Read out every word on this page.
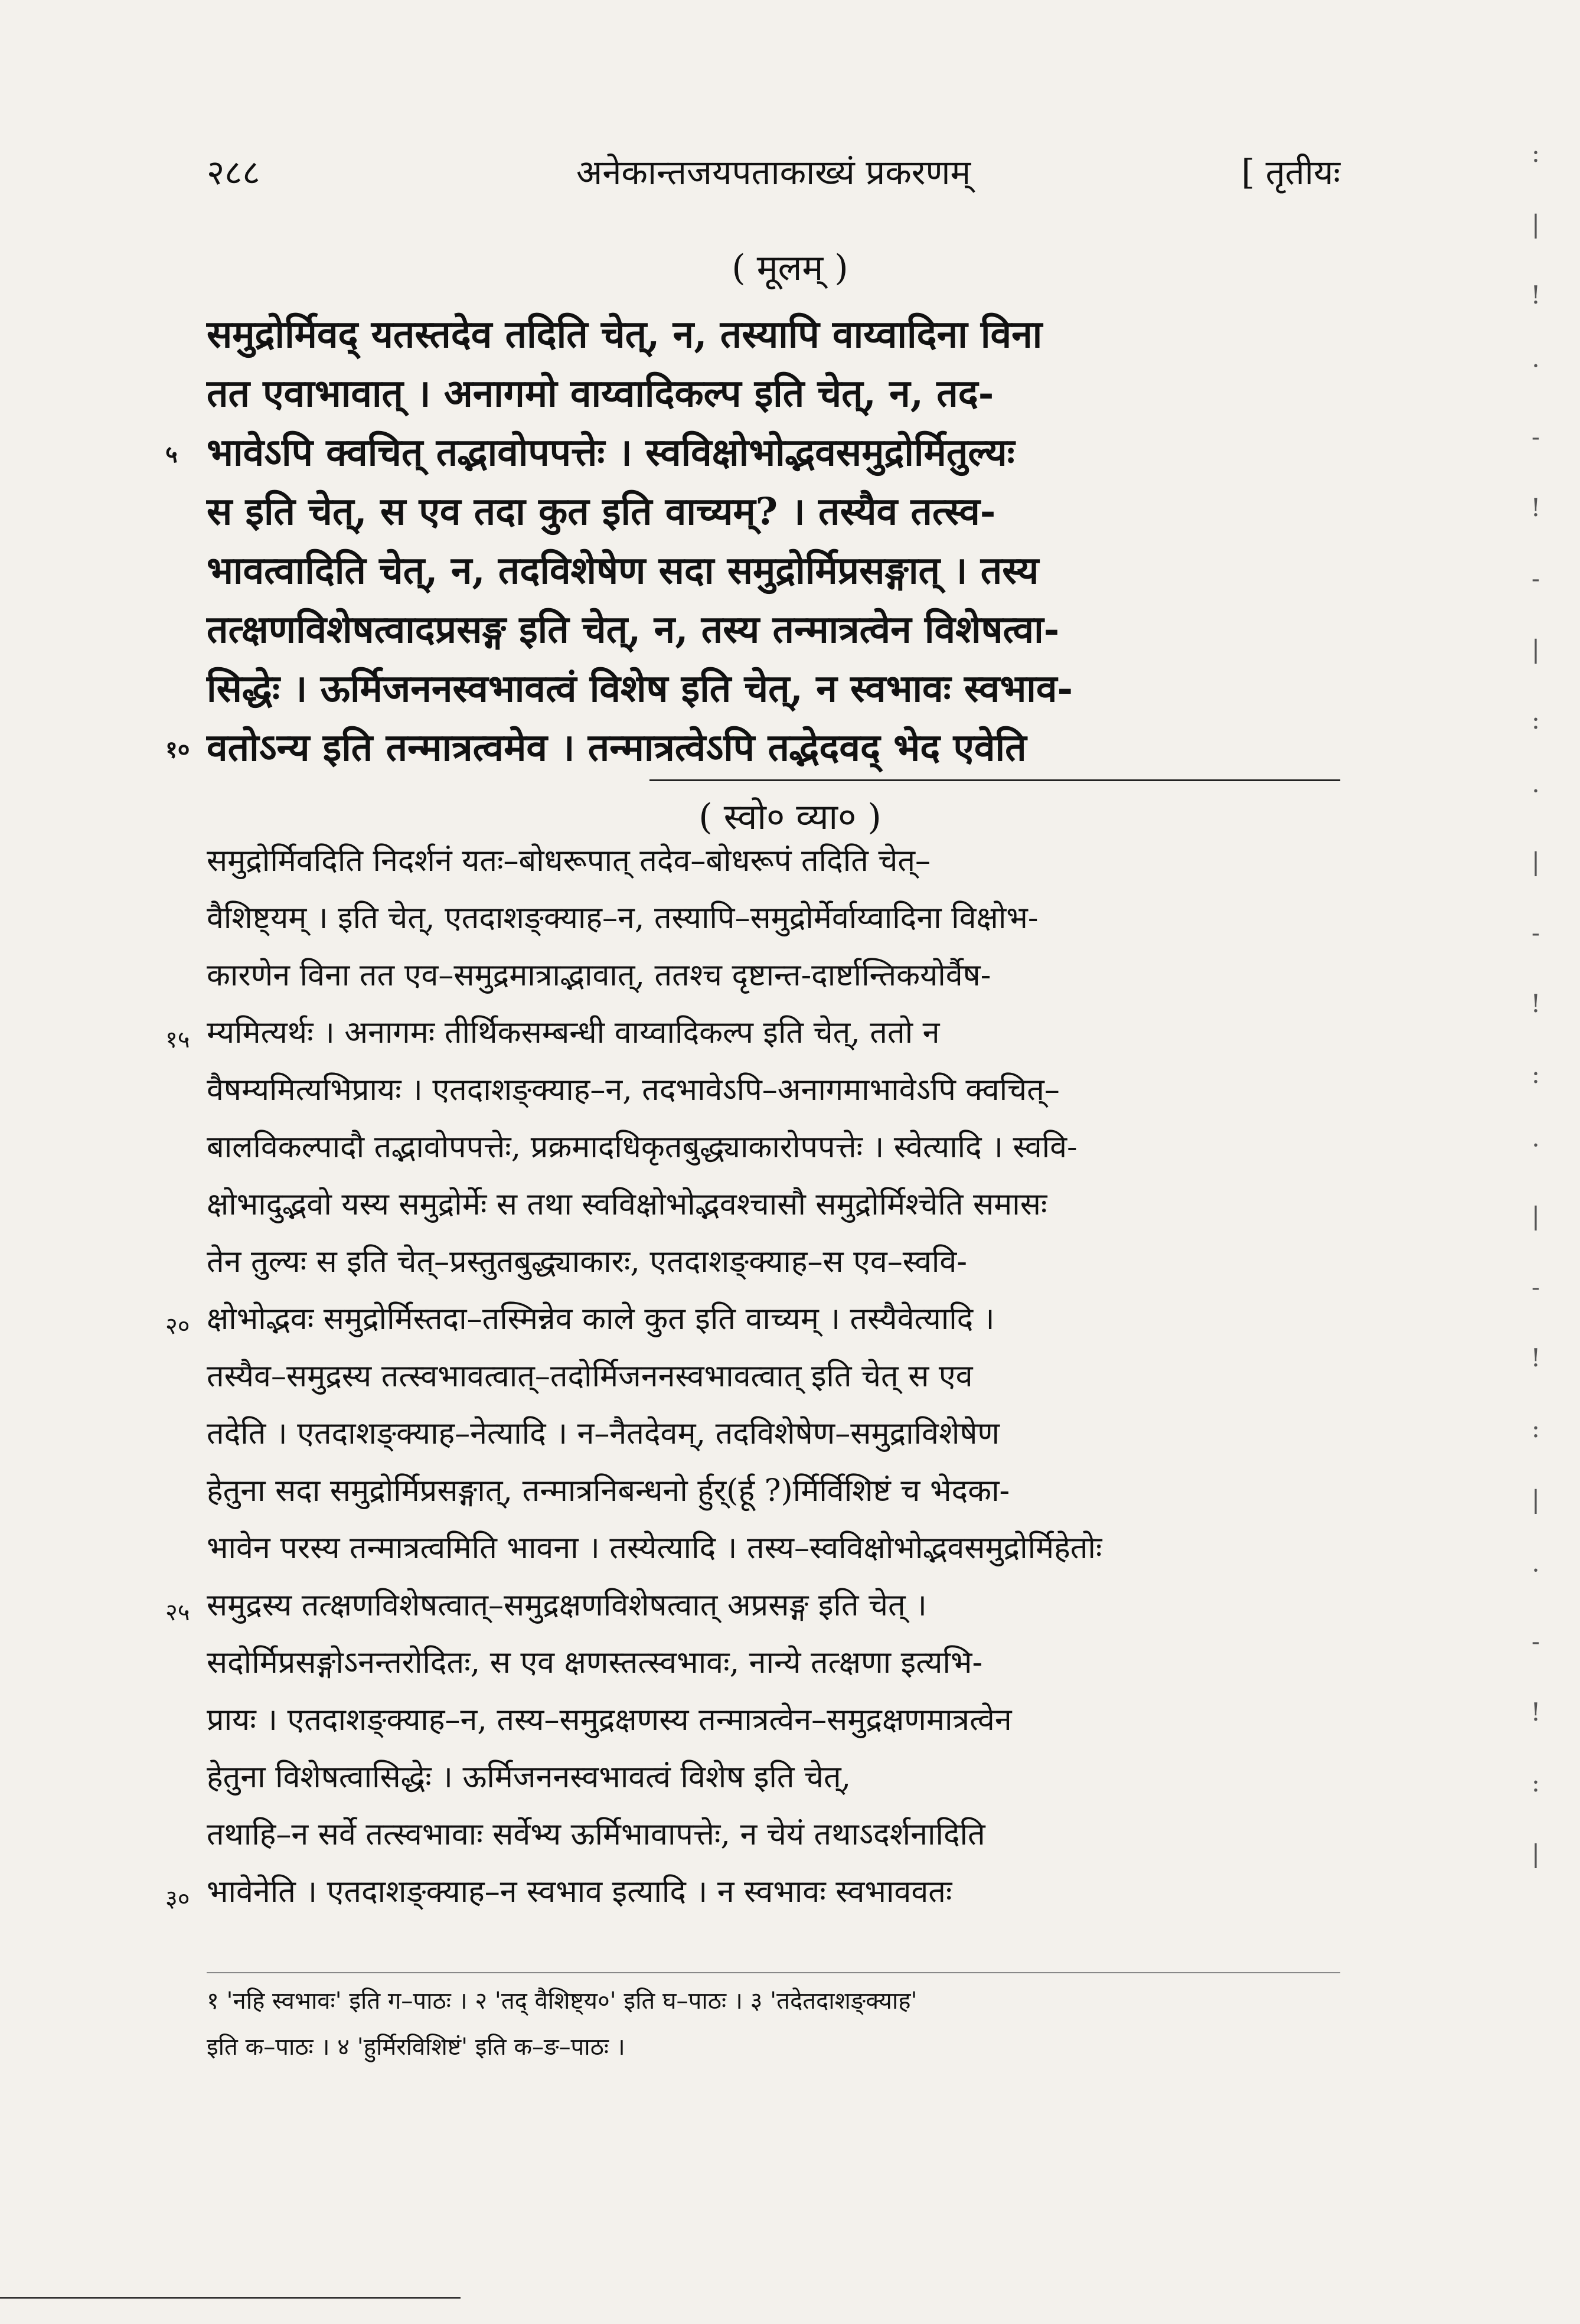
२८८	अनेकान्तजयपताकाख्यं प्रकरणम्	[ तृतीयः
( मूलम् )
समुद्रोर्मिवद् यतस्तदेव तदिति चेत्, न, तस्यापि वाय्वादिना विना
तत एवाभावात् । अनागमो वाय्वादिकल्प इति चेत्, न, तद-
५ भावेऽपि क्वचित् तद्भावोपपत्तेः । स्वविक्षोभोद्भवसमुद्रोर्मितुल्यः
स इति चेत्, स एव तदा कुत इति वाच्यम्? । तस्यैव तत्स्व-
भावत्वादिति चेत्, न, तदविशेषेण सदा समुद्रोर्मिप्रसङ्गात् । तस्य
तत्क्षणविशेषत्वादप्रसङ्ग इति चेत्, न, तस्य तन्मात्रत्वेन विशेषत्वा-
सिद्धेः । ऊर्मिजननस्वभावत्वं विशेष इति चेत्, न स्वभावः स्वभाव-
१० वतोऽन्य इति तन्मात्रत्वमेव । तन्मात्रत्वेऽपि तद्भेदवद् भेद एवेति
( स्वो० व्या० )
समुद्रोर्मिवदिति निदर्शनं यतः–बोधरूपात् तदेव–बोधरूपं तदिति चेत्–
वैशिष्ट्यम् । इति चेत्, एतदाशङ्क्याह–न, तस्यापि–समुद्रोर्मेर्वाय्वादिना विक्षोभ-
कारणेन विना तत एव–समुद्रमात्राद्भावात्, ततश्च दृष्टान्त-दार्ष्टान्तिकयोर्वैष-
१५ म्यमित्यर्थः । अनागमः तीर्थिकसम्बन्धी वाय्वादिकल्प इति चेत्, ततो न
वैषम्यमित्यभिप्रायः । एतदाशङ्क्याह–न, तदभावेऽपि–अनागमाभावेऽपि क्वचित्–
बालविकल्पादौ तद्भावोपपत्तेः, प्रक्रमादधिकृतबुद्ध्याकारोपपत्तेः । स्वेत्यादि । स्ववि-
क्षोभादुद्भवो यस्य समुद्रोर्मेः स तथा स्वविक्षोभोद्भवश्चासौ समुद्रोर्मिश्चेति समासः
तेन तुल्यः स इति चेत्–प्रस्तुतबुद्ध्याकारः, एतदाशङ्क्याह–स एव–स्ववि-
२० क्षोभोद्भवः समुद्रोर्मिस्तदा–तस्मिन्नेव काले कुत इति वाच्यम् । तस्यैवेत्यादि ।
तस्यैव–समुद्रस्य तत्स्वभावत्वात्–तदोर्मिजननस्वभावत्वात् इति चेत् स एव
तदेति । एतदाशङ्क्याह–नेत्यादि । न–नैतदेवम्, तदविशेषेण–समुद्राविशेषेण
हेतुना सदा समुद्रोर्मिप्रसङ्गात्, तन्मात्रनिबन्धनो र्हुर्(र्हू ?)र्मिर्विशिष्टं च भेदका-
भावेन परस्य तन्मात्रत्वमिति भावना । तस्येत्यादि । तस्य–स्वविक्षोभोद्भवसमुद्रोर्मिहेतोः
२५ समुद्रस्य तत्क्षणविशेषत्वात्–समुद्रक्षणविशेषत्वात् अप्रसङ्ग इति चेत् ।
सदोर्मिप्रसङ्गोऽनन्तरोदितः, स एव क्षणस्तत्स्वभावः, नान्ये तत्क्षणा इत्यभि-
प्रायः । एतदाशङ्क्याह–न, तस्य–समुद्रक्षणस्य तन्मात्रत्वेन–समुद्रक्षणमात्रत्वेन
हेतुना विशेषत्वासिद्धेः । ऊर्मिजननस्वभावत्वं विशेष इति चेत्,
तथाहि–न सर्वे तत्स्वभावाः सर्वेभ्य ऊर्मिभावापत्तेः, न चेयं तथाऽदर्शनादिति
३० भावेनेति । एतदाशङ्क्याह–न स्वभाव इत्यादि । न स्वभावः स्वभाववतः
१ 'नहि स्वभावः' इति ग–पाठः । २ 'तद् वैशिष्ट्य०' इति घ–पाठः । ३ 'तदेतदाशङ्क्याह'
इति क–पाठः । ४ 'हुर्मिरविशिष्टं' इति क–ङ–पाठः ।
:
|
!
·
-
!
-
|
:
·
|
-
!
:
·
|
-
!
:
|
·
-
!
:
|
